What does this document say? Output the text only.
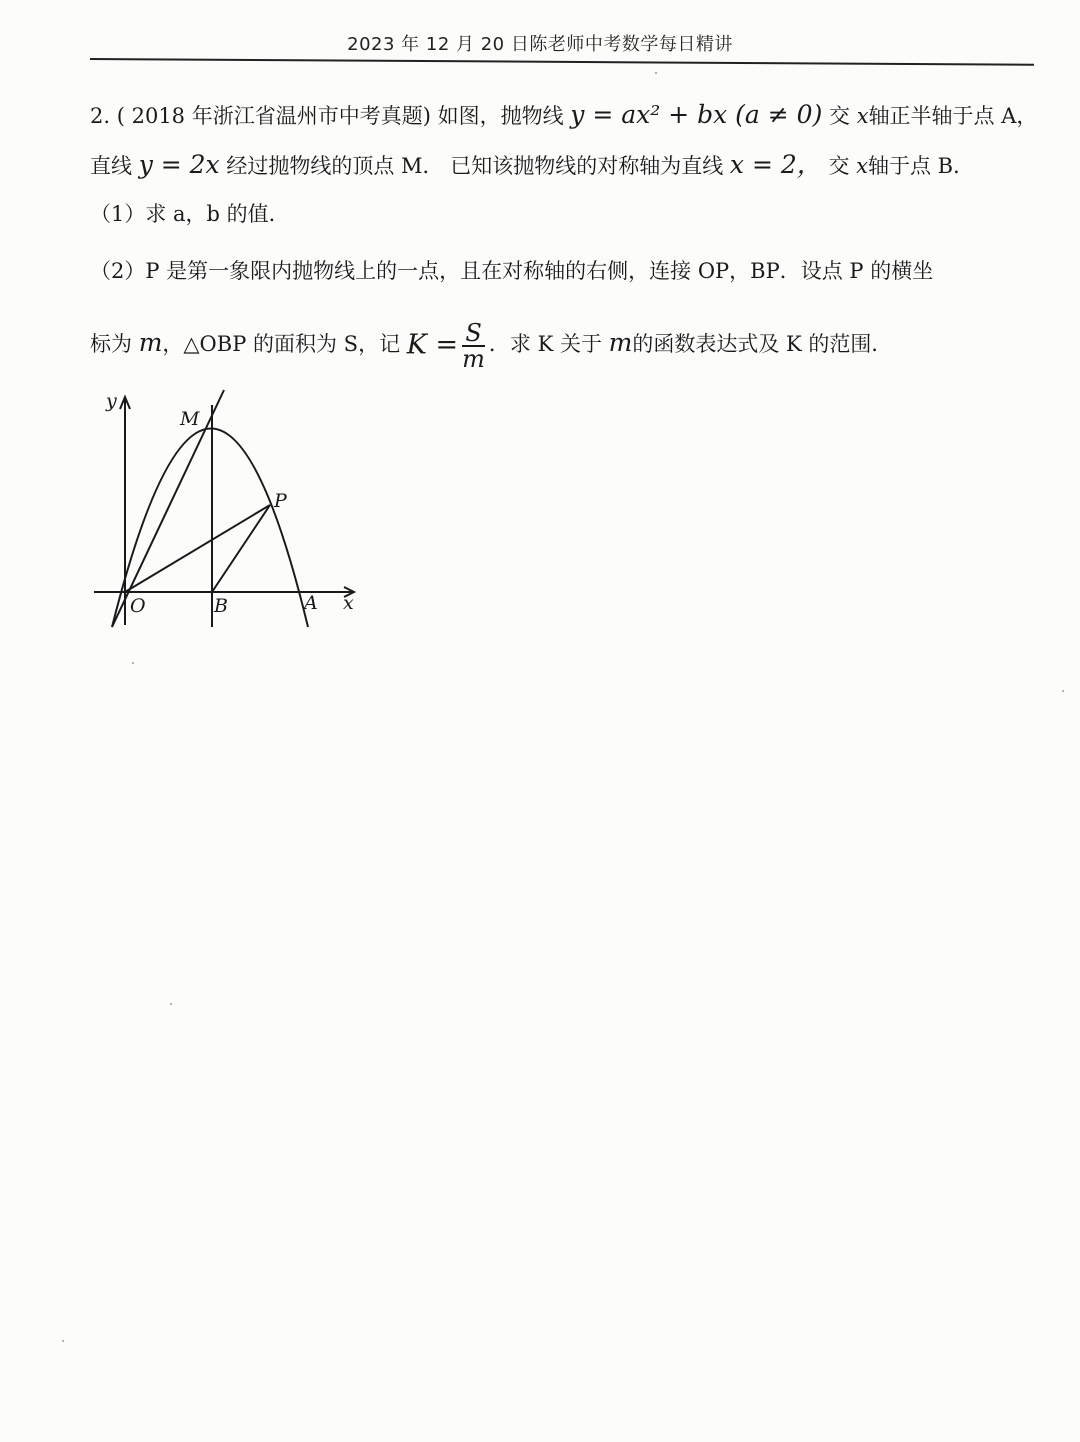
2023 年 12 月 20 日陈老师中考数学每日精讲
2. ( 2018 年浙江省温州市中考真题) 如图，抛物线 y = ax² + bx (a ≠ 0) 交 x轴正半轴于点 A，
直线 y = 2x 经过抛物线的顶点 M． 已知该抛物线的对称轴为直线 x = 2， 交 x轴于点 B．
（1）求 a，b 的值．
（2）P 是第一象限内抛物线上的一点，且在对称轴的右侧，连接 OP，BP．设点 P 的横坐
标为 m，△OBP 的面积为 S，记 $K = \frac{S}{m}$ ．求 K 关于 m的函数表达式及 K 的范围．
y
x
M
P
O	B	A
